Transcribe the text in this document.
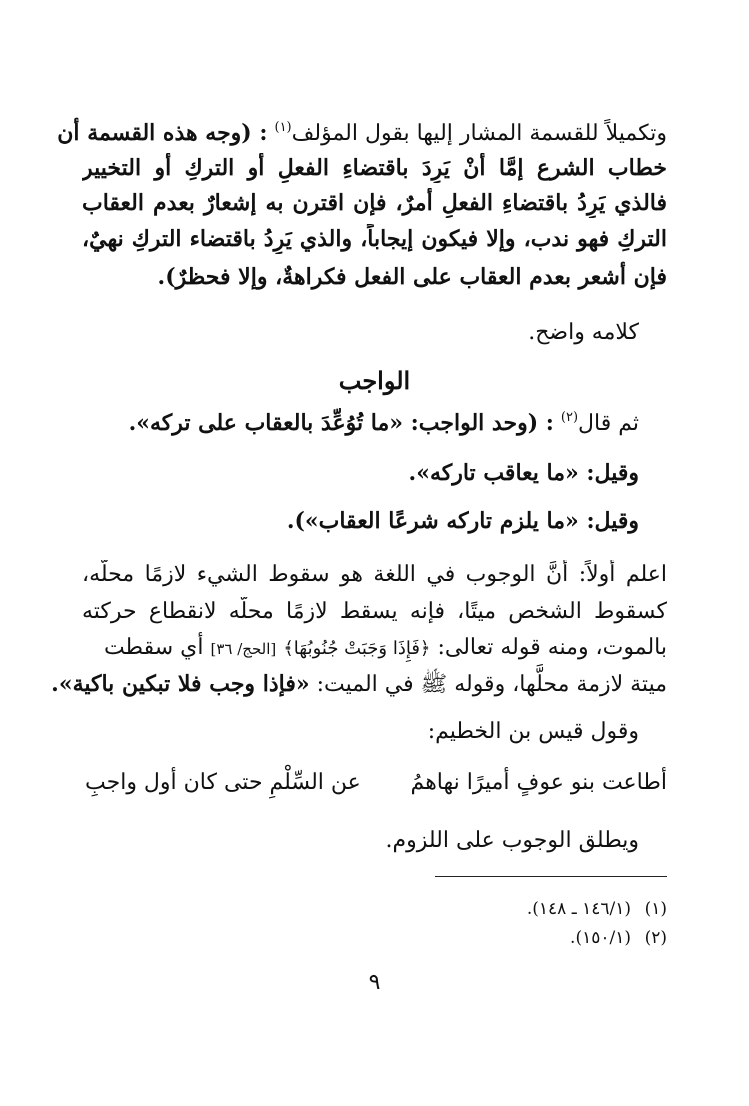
وتكميلاً للقسمة المشار إليها بقول المؤلف$^{(١)}$ : (وجه هذه القسمة أن
خطاب الشرع إمَّا أنْ يَرِدَ باقتضاءِ الفعلِ أو التركِ أو التخيير
فالذي يَرِدُ باقتضاءِ الفعلِ أمرٌ، فإن اقترن به إشعارٌ بعدم العقاب
التركِ فهو ندب، وإلا فيكون إيجاباً، والذي يَرِدُ باقتضاء التركِ نهيٌ،
فإن أشعر بعدم العقاب على الفعل فكراهةٌ، وإلا فحظرٌ).
كلامه واضح.
الواجب
ثم قال$^{(٢)}$ : (وحد الواجب: «ما تُوُعِّدَ بالعقاب على تركه».
وقيل: «ما يعاقب تاركه».
وقيل: «ما يلزم تاركه شرعًا العقاب»).
اعلم أولاً: أنَّ الوجوب في اللغة هو سقوط الشيء لازمًا محلَّه،
كسقوط الشخص ميتًا، فإنه يسقط لازمًا محلَّه لانقطاع حركته
بالموت، ومنه قوله تعالى: ﴿فَإِذَا وَجَبَتْ جُنُوبُهَا﴾ [الحج/ ٣٦] أي سقطت
ميتة لازمة محلَّها، وقوله ﷺ في الميت: «فإذا وجب فلا تبكين باكية».
وقول قيس بن الخطيم:
أطاعت بنو عوفٍ أميرًا نهاهمُ
عن السِّلْمِ حتى كان أول واجبِ
ويطلق الوجوب على اللزوم.
(١)(١٤٦/١ ـ ١٤٨).
(٢)(١٥٠/١).
٩
